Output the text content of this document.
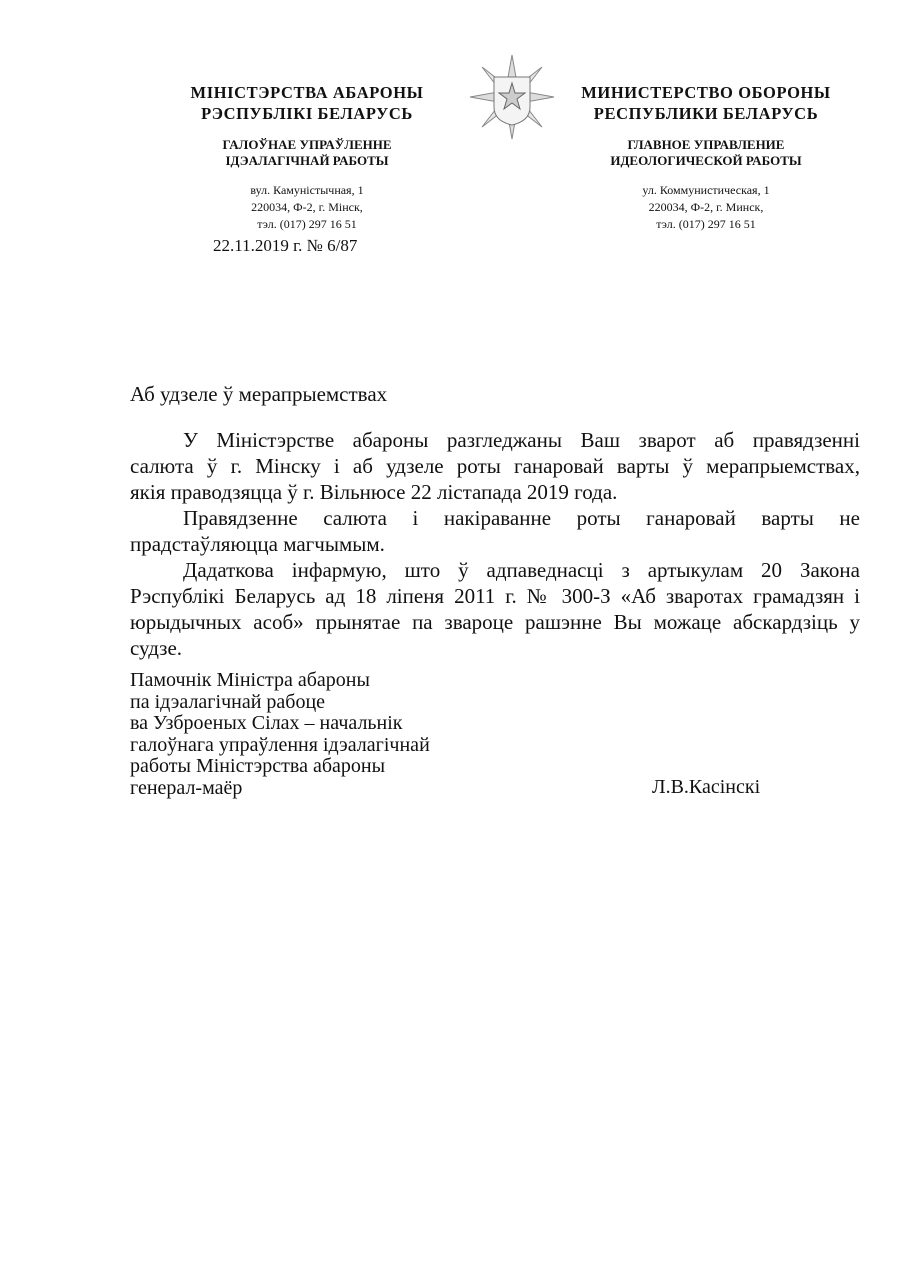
МІНІСТЭРСТВА АБАРОНЫ
РЭСПУБЛІКІ БЕЛАРУСЬ
ГАЛОЎНАЕ УПРАЎЛЕННЕ
ІДЭАЛАГІЧНАЙ РАБОТЫ
вул. Камуністычная, 1
220034, Ф-2, г. Мінск,
тэл. (017) 297 16 51
МИНИСТЕРСТВО ОБОРОНЫ
РЕСПУБЛИКИ БЕЛАРУСЬ
ГЛАВНОЕ УПРАВЛЕНИЕ
ИДЕОЛОГИЧЕСКОЙ РАБОТЫ
ул. Коммунистическая, 1
220034, Ф-2, г. Минск,
тэл. (017) 297 16 51
22.11.2019 г. № 6/87
Аб удзеле ў мерапрыемствах
У Міністэрстве абароны разгледжаны Ваш зварот аб правядзенні
салюта ў г. Мінску і аб удзеле роты ганаровай варты ў мерапрыемствах,
якія праводзяцца ў г. Вільнюсе 22 лістапада 2019 года.
Правядзенне салюта і накіраванне роты ганаровай варты не
прадстаўляюцца магчымым.
Дадаткова інфармую, што ў адпаведнасці з артыкулам 20 Закона
Рэспублікі Беларусь ад 18 ліпеня 2011 г. № 300-З «Аб зваротах грамадзян і
юрыдычных асоб» прынятае па звароце рашэнне Вы можаце абскардзіць у
судзе.
Памочнік Міністра абароны
па ідэалагічнай рабоце
ва Узброеных Сілах – начальнік
галоўнага упраўлення ідэалагічнай
работы Міністэрства абароны
генерал-маёр	Л.В.Касінскі
